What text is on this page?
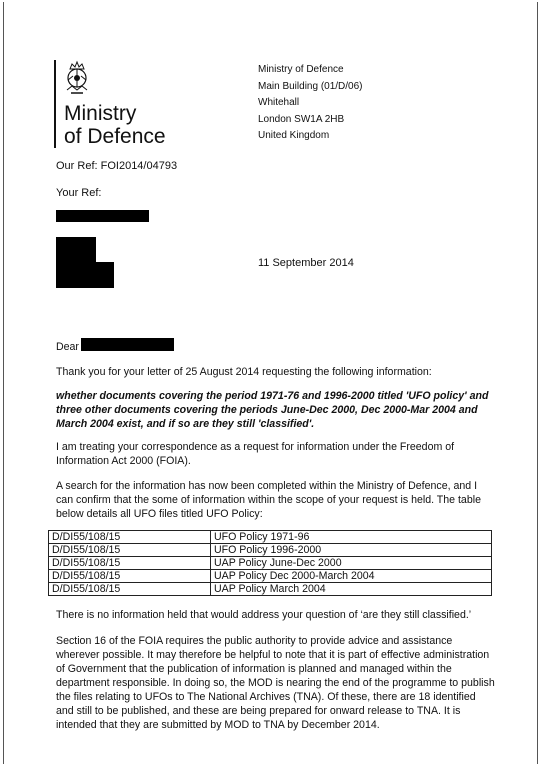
Ministry
of Defence
Ministry of Defence
Main Building (01/D/06)
Whitehall
London SW1A 2HB
United Kingdom
Our Ref: FOI2014/04793
Your Ref:
11 September 2014
Dear

Thank you for your letter of 25 August 2014 requesting the following information:

whether documents covering the period 1971-76 and 1996-2000 titled 'UFO policy' and three other documents covering the periods June-Dec 2000, Dec 2000-Mar 2004 and March 2004 exist, and if so are they still 'classified'.

I am treating your correspondence as a request for information under the Freedom of Information Act 2000 (FOIA).

A search for the information has now been completed within the Ministry of Defence, and I can confirm that the some of information within the scope of your request is held. The table below details all UFO files titled UFO Policy:

D/DI55/108/15	UFO Policy 1971-96
D/DI55/108/15	UFO Policy 1996-2000
D/DI55/108/15	UAP Policy June-Dec 2000
D/DI55/108/15	UAP Policy Dec 2000-March 2004
D/DI55/108/15	UAP Policy March 2004

There is no information held that would address your question of ‘are they still classified.’

Section 16 of the FOIA requires the public authority to provide advice and assistance wherever possible. It may therefore be helpful to note that it is part of effective administration of Government that the publication of information is planned and managed within the department responsible. In doing so, the MOD is nearing the end of the programme to publish the files relating to UFOs to The National Archives (TNA). Of these, there are 18 identified and still to be published, and these are being prepared for onward release to TNA. It is intended that they are submitted by MOD to TNA by December 2014.
